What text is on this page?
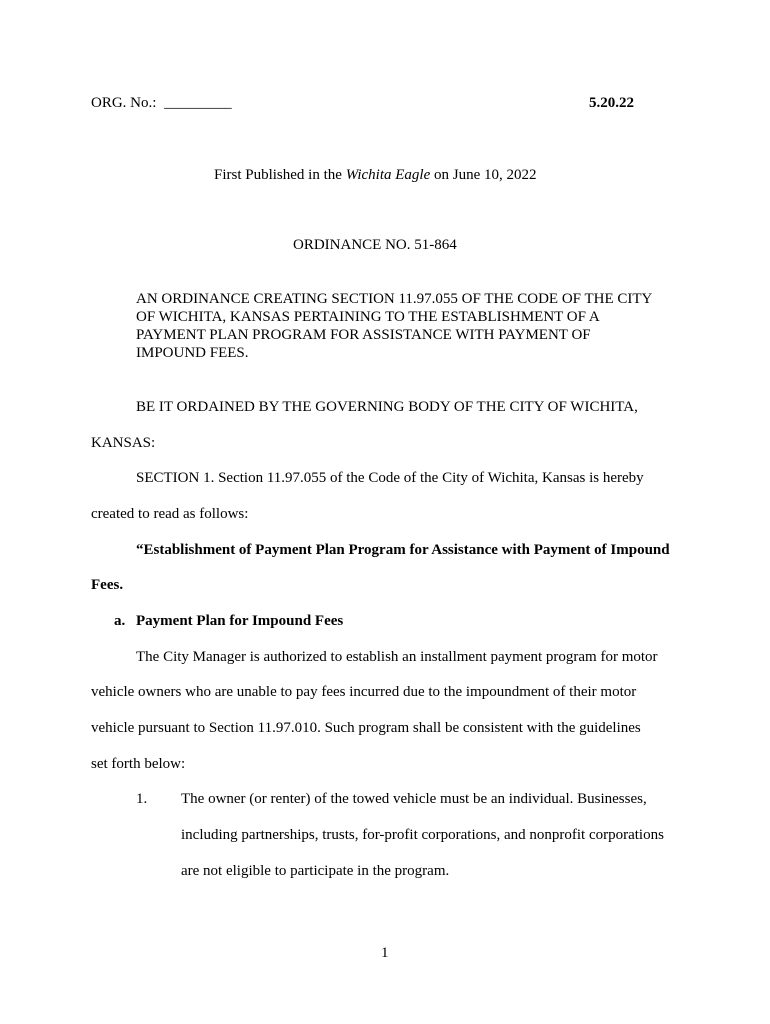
ORG. No.: _________	5.20.22
First Published in the Wichita Eagle on June 10, 2022
ORDINANCE NO. 51-864
AN ORDINANCE CREATING SECTION 11.97.055 OF THE CODE OF THE CITY
OF WICHITA, KANSAS PERTAINING TO THE ESTABLISHMENT OF A
PAYMENT PLAN PROGRAM FOR ASSISTANCE WITH PAYMENT OF
IMPOUND FEES.
BE IT ORDAINED BY THE GOVERNING BODY OF THE CITY OF WICHITA,
KANSAS:
SECTION 1. Section 11.97.055 of the Code of the City of Wichita, Kansas is hereby
created to read as follows:
“Establishment of Payment Plan Program for Assistance with Payment of Impound
Fees.
a. Payment Plan for Impound Fees
The City Manager is authorized to establish an installment payment program for motor
vehicle owners who are unable to pay fees incurred due to the impoundment of their motor
vehicle pursuant to Section 11.97.010. Such program shall be consistent with the guidelines
set forth below:
1. The owner (or renter) of the towed vehicle must be an individual. Businesses,
including partnerships, trusts, for-profit corporations, and nonprofit corporations
are not eligible to participate in the program.
1
